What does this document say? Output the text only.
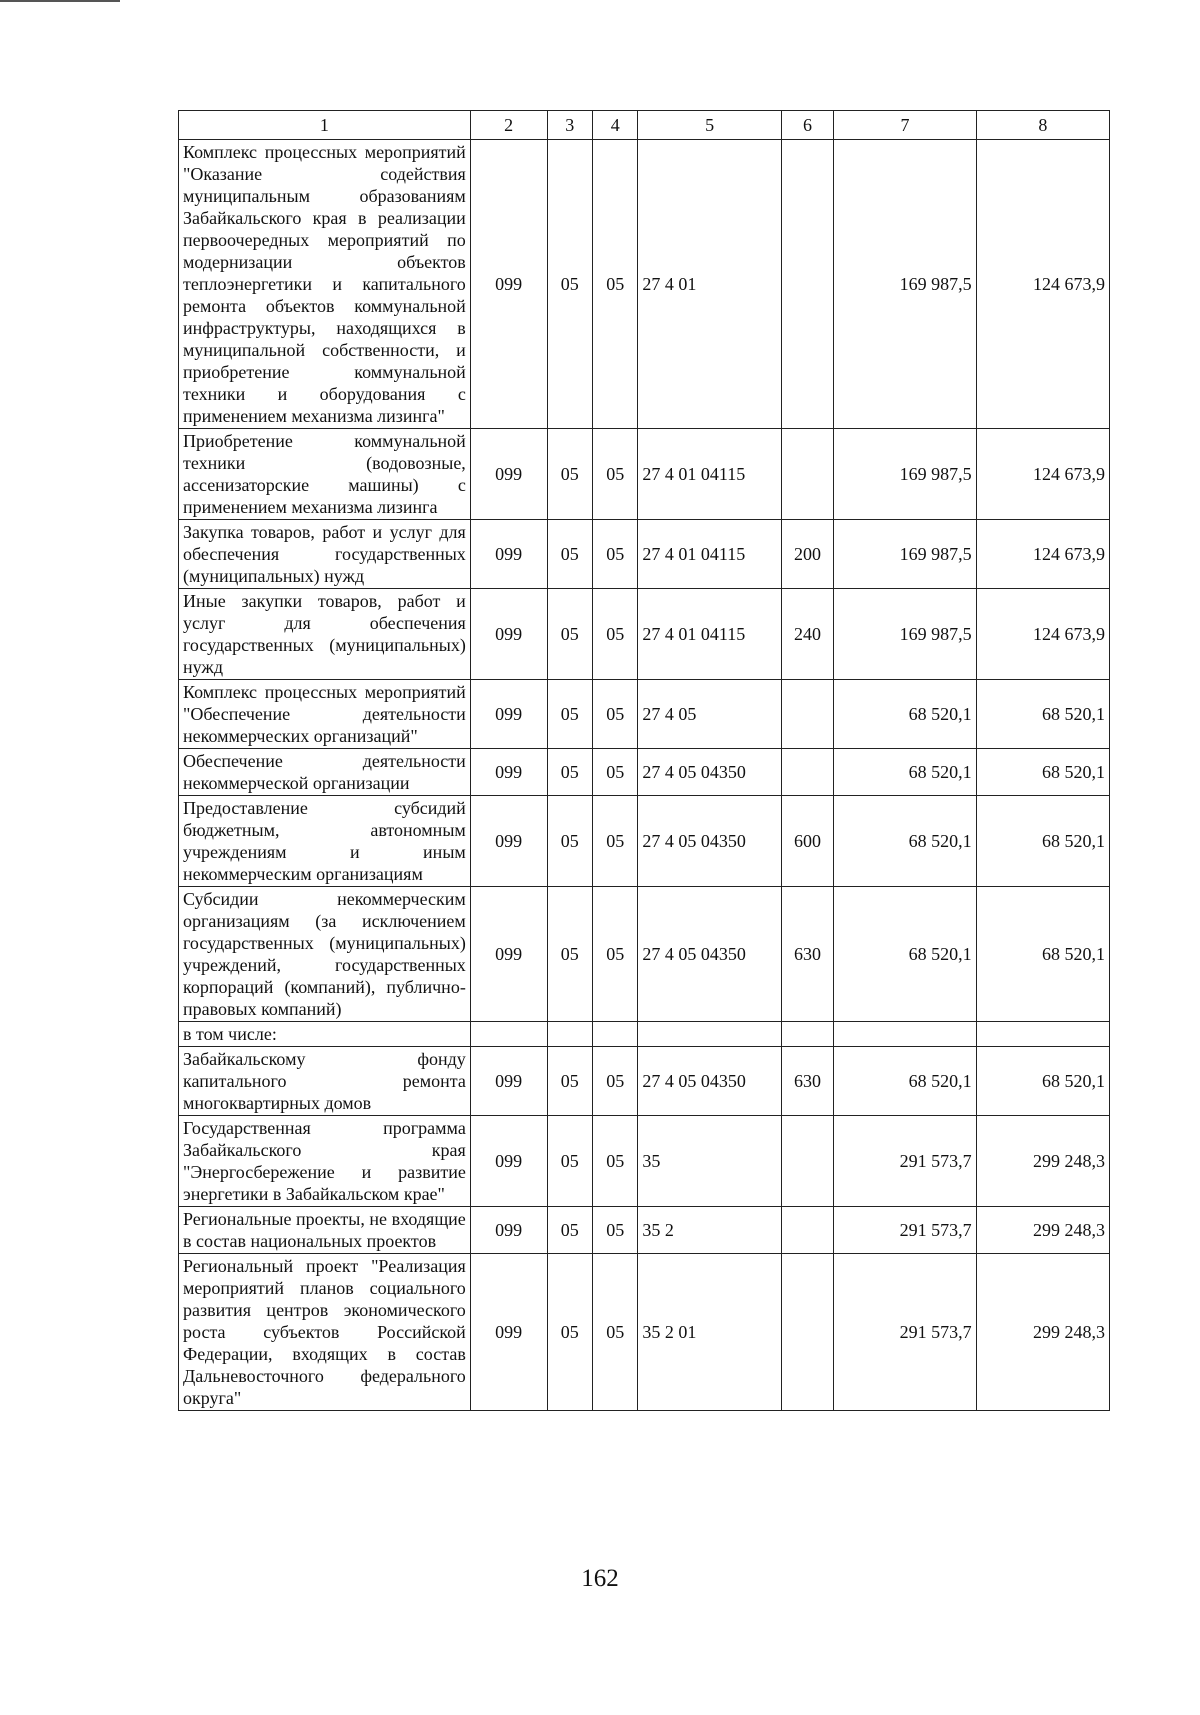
1	2	3	4	5	6	7	8
Комплекс процессных мероприятий "Оказание содействия муниципальным образованиям Забайкальского края в реализации первоочередных мероприятий по модернизации объектов теплоэнергетики и капитального ремонта объектов коммунальной инфраструктуры, находящихся в муниципальной собственности, и приобретение коммунальной техники и оборудования с применением механизма лизинга"	099	05	05	27 4 01		169 987,5	124 673,9
Приобретение коммунальной техники (водовозные, ассенизаторские машины) с применением механизма лизинга	099	05	05	27 4 01 04115		169 987,5	124 673,9
Закупка товаров, работ и услуг для обеспечения государственных (муниципальных) нужд	099	05	05	27 4 01 04115	200	169 987,5	124 673,9
Иные закупки товаров, работ и услуг для обеспечения государственных (муниципальных) нужд	099	05	05	27 4 01 04115	240	169 987,5	124 673,9
Комплекс процессных мероприятий "Обеспечение деятельности некоммерческих организаций"	099	05	05	27 4 05		68 520,1	68 520,1
Обеспечение деятельности некоммерческой организации	099	05	05	27 4 05 04350		68 520,1	68 520,1
Предоставление субсидий бюджетным, автономным учреждениям и иным некоммерческим организациям	099	05	05	27 4 05 04350	600	68 520,1	68 520,1
Субсидии некоммерческим организациям (за исключением государственных (муниципальных) учреждений, государственных корпораций (компаний), публично-правовых компаний)	099	05	05	27 4 05 04350	630	68 520,1	68 520,1
в том числе:							
Забайкальскому фонду капитального ремонта многоквартирных домов	099	05	05	27 4 05 04350	630	68 520,1	68 520,1
Государственная программа Забайкальского края "Энергосбережение и развитие энергетики в Забайкальском крае"	099	05	05	35		291 573,7	299 248,3
Региональные проекты, не входящие в состав национальных проектов	099	05	05	35 2		291 573,7	299 248,3
Региональный проект "Реализация мероприятий планов социального развития центров экономического роста субъектов Российской Федерации, входящих в состав Дальневосточного федерального округа"	099	05	05	35 2 01		291 573,7	299 248,3
162
